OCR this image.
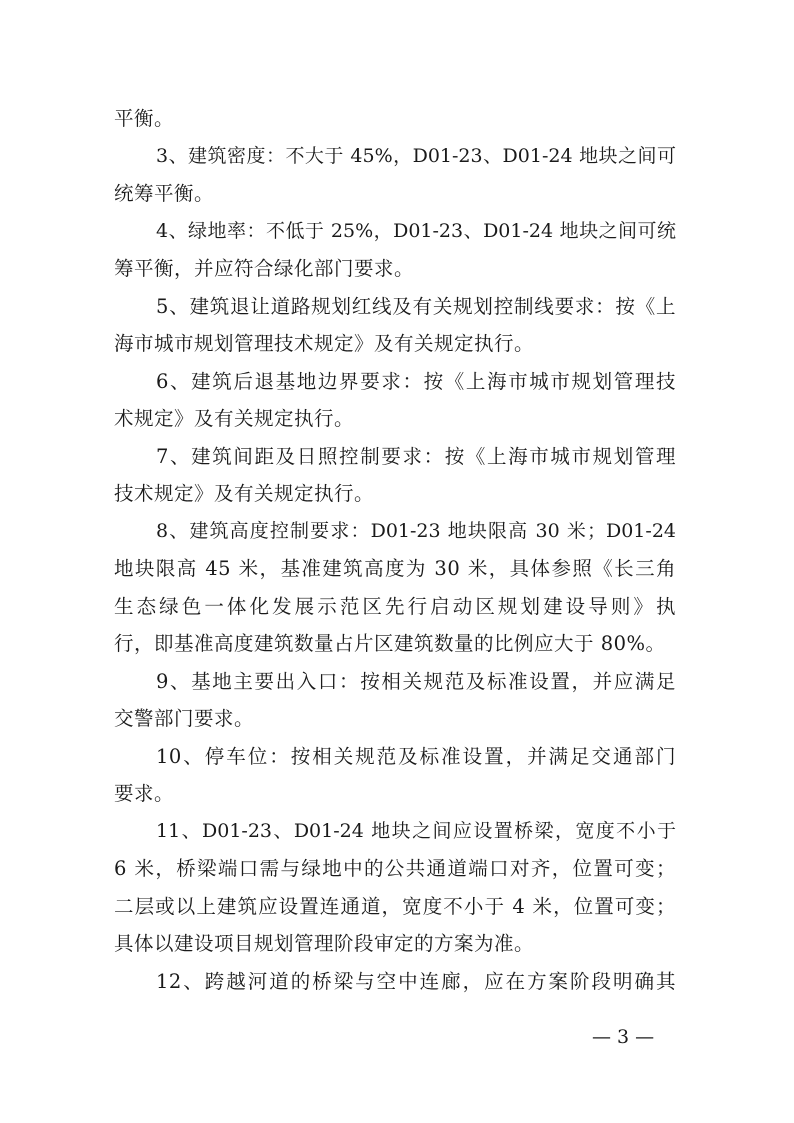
平衡。
3、建筑密度：不大于 45%，D01-23、D01-24 地块之间可
统筹平衡。
4、绿地率：不低于 25%，D01-23、D01-24 地块之间可统
筹平衡，并应符合绿化部门要求。
5、建筑退让道路规划红线及有关规划控制线要求：按《上
海市城市规划管理技术规定》及有关规定执行。
6、建筑后退基地边界要求：按《上海市城市规划管理技
术规定》及有关规定执行。
7、建筑间距及日照控制要求：按《上海市城市规划管理
技术规定》及有关规定执行。
8、建筑高度控制要求：D01-23 地块限高 30 米；D01-24
地块限高 45 米，基准建筑高度为 30 米，具体参照《长三角
生态绿色一体化发展示范区先行启动区规划建设导则》执
行，即基准高度建筑数量占片区建筑数量的比例应大于 80%。
9、基地主要出入口：按相关规范及标准设置，并应满足
交警部门要求。
10、停车位：按相关规范及标准设置，并满足交通部门
要求。
11、D01-23、D01-24 地块之间应设置桥梁，宽度不小于
6 米，桥梁端口需与绿地中的公共通道端口对齐，位置可变；
二层或以上建筑应设置连通道，宽度不小于 4 米，位置可变；
具体以建设项目规划管理阶段审定的方案为准。
12、跨越河道的桥梁与空中连廊，应在方案阶段明确其
— 3 —
